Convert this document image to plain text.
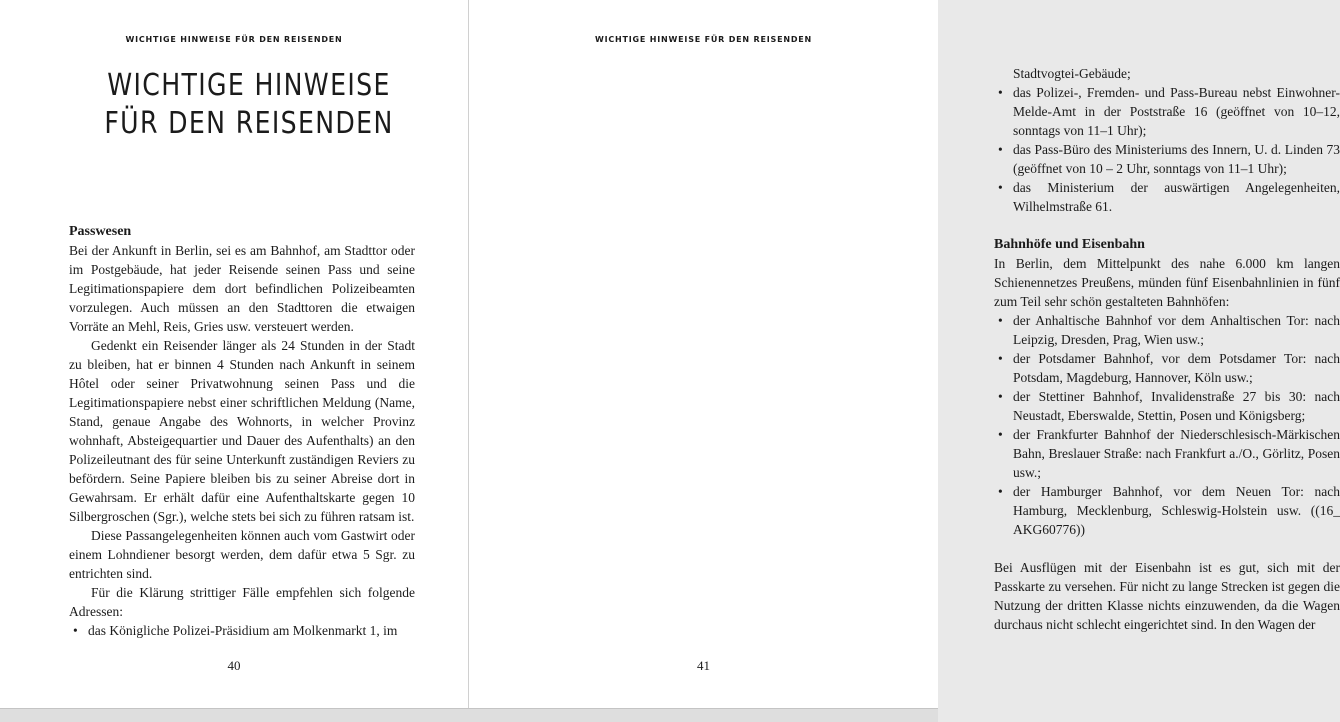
WICHTIGE HINWEISE FÜR DEN REISENDEN
WICHTIGE HINWEISE
FÜR DEN REISENDEN
Passwesen

Bei der Ankunft in Berlin, sei es am Bahnhof, am Stadttor oder im Postgebäude, hat jeder Reisende seinen Pass und seine Legitimationspapiere dem dort befindlichen Polizeibeamten vorzulegen. Auch müssen an den Stadttoren die etwaigen Vorräte an Mehl, Reis, Gries usw. versteuert werden.

Gedenkt ein Reisender länger als 24 Stunden in der Stadt zu bleiben, hat er binnen 4 Stunden nach Ankunft in seinem Hôtel oder seiner Privatwohnung seinen Pass und die Legitimationspapiere nebst einer schriftlichen Meldung (Name, Stand, genaue Angabe des Wohnorts, in welcher Provinz wohnhaft, Absteigequartier und Dauer des Aufenthalts) an den Polizeileutnant des für seine Unterkunft zuständigen Reviers zu befördern. Seine Papiere bleiben bis zu seiner Abreise dort in Gewahrsam. Er erhält dafür eine Aufenthaltskarte gegen 10 Silbergroschen (Sgr.), welche stets bei sich zu führen ratsam ist.

Diese Passangelegenheiten können auch vom Gastwirt oder einem Lohndiener besorgt werden, dem dafür etwa 5 Sgr. zu entrichten sind.

Für die Klärung strittiger Fälle empfehlen sich folgende Adressen:

• das Königliche Polizei-Präsidium am Molkenmarkt 1, im
40
WICHTIGE HINWEISE FÜR DEN REISENDEN

Stadtvogtei-Gebäude;

• das Polizei-, Fremden- und Pass-Bureau nebst Einwohner-Melde-Amt in der Poststraße 16 (geöffnet von 10–12, sonntags von 11–1 Uhr);
• das Pass-Büro des Ministeriums des Innern, U. d. Linden 73 (geöffnet von 10 – 2 Uhr, sonntags von 11–1 Uhr);
• das Ministerium der auswärtigen Angelegenheiten, Wilhelmstraße 61.
Bahnhöfe und Eisenbahn

In Berlin, dem Mittelpunkt des nahe 6.000 km langen Schienennetzes Preußens, münden fünf Eisenbahnlinien in fünf zum Teil sehr schön gestalteten Bahnhöfen:

• der Anhaltische Bahnhof vor dem Anhaltischen Tor: nach Leipzig, Dresden, Prag, Wien usw.;
• der Potsdamer Bahnhof, vor dem Potsdamer Tor: nach Potsdam, Magdeburg, Hannover, Köln usw.;
• der Stettiner Bahnhof, Invalidenstraße 27 bis 30: nach Neustadt, Eberswalde, Stettin, Posen und Königsberg;
• der Frankfurter Bahnhof der Niederschlesisch-Märkischen Bahn, Breslauer Straße: nach Frankfurt a./O., Görlitz, Posen usw.;
• der Hamburger Bahnhof, vor dem Neuen Tor: nach Hamburg, Mecklenburg, Schleswig-Holstein usw. ((16_ AKG60776))

Bei Ausflügen mit der Eisenbahn ist es gut, sich mit der Passkarte zu versehen. Für nicht zu lange Strecken ist gegen die Nutzung der dritten Klasse nichts einzuwenden, da die Wagen durchaus nicht schlecht eingerichtet sind. In den Wagen der

41
